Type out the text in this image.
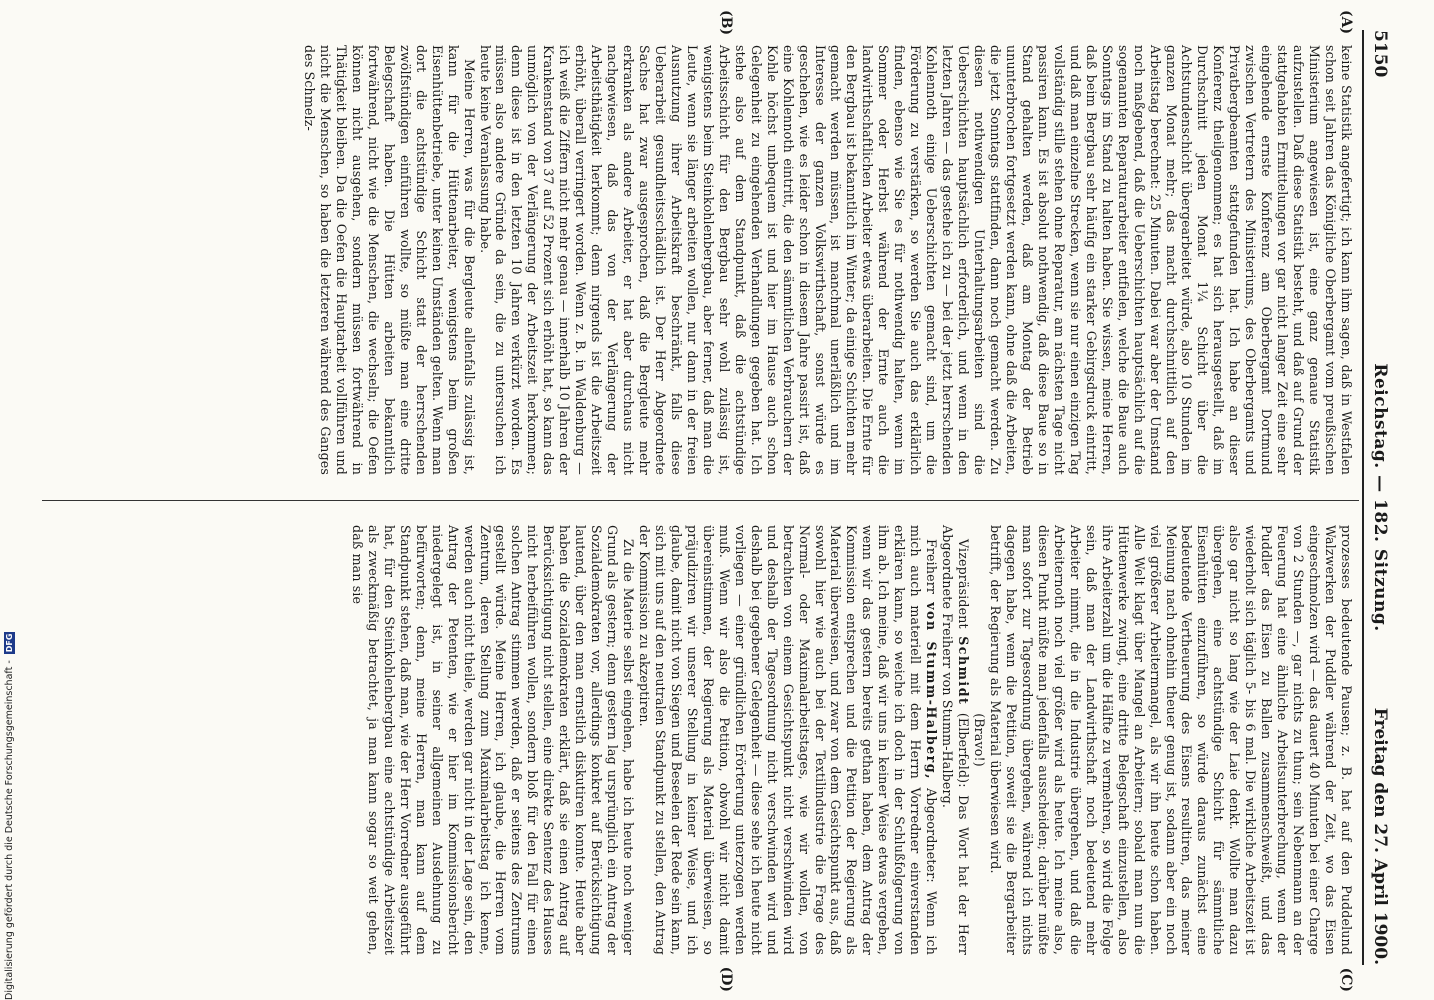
5150
Reichstag. — 182. Sitzung.
Freitag den 27. April 1900.
(A)
(B)
(C)
(D)

keine Statistik angefertigt; ich kann ihm sagen, daß in Westfalen schon seit Jahren das Königliche Oberbergamt vom preußischen Ministerium angewiesen ist, eine ganz genaue Statistik aufzustellen. Daß diese Statistik besteht, und daß auf Grund der stattgehabten Ermittelungen vor gar nicht langer Zeit eine sehr eingehende ernste Konferenz am Oberbergamt Dortmund zwischen Vertretern des Ministeriums, des Oberbergamts und Privatbergbeamten stattgefunden hat. Ich habe an dieser Konferenz theilgenommen; es hat sich herausgestellt, daß im Durchschnitt jeden Monat 1¼ Schicht über die Achtstundenschicht übergearbeitet würde, also 10 Stunden im ganzen Monat mehr; das macht durchschnittlich auf den Arbeitstag berechnet: 25 Minuten. Dabei war aber der Umstand noch maßgebend, daß die Ueberschichten hauptsächlich auf die sogenannten Reparaturarbeiter entfielen, welche die Baue auch Sonntags im Stand zu halten haben. Sie wissen, meine Herren, daß beim Bergbau sehr häufig ein starker Gebirgsdruck eintritt, und daß man einzelne Strecken, wenn sie nur einen einzigen Tag vollständig stille stehen ohne Reparatur, am nächsten Tage nicht passiren kann. Es ist absolut nothwendig, daß diese Baue so in Stand gehalten werden, daß am Montag der Betrieb ununterbrochen fortgesetzt werden kann, ohne daß die Arbeiten, die jetzt Sonntags stattfinden, dann noch gemacht werden. Zu diesen nothwendigen Unterhaltungsarbeiten sind die Ueberschichten hauptsächlich erforderlich, und wenn in den letzten Jahren — das gestehe ich zu — bei der jetzt herrschenden Kohlennoth einige Ueberschichten gemacht sind, um die Förderung zu verstärken, so werden Sie auch das erklärlich finden, ebenso wie Sie es für nothwendig halten, wenn im Sommer oder Herbst während der Ernte auch die landwirthschaftlichen Arbeiter etwas überarbeiten. Die Ernte für den Bergbau ist bekanntlich im Winter; da einige Schichten mehr gemacht werden müssen, ist manchmal unerläßlich und im Interesse der ganzen Volkswirthschaft, sonst würde es geschehen, wie es leider schon in diesem Jahre passirt ist, daß eine Kohlennoth eintritt, die den sämmtlichen Verbrauchern der Kohle höchst unbequem ist und hier im Hause auch schon Gelegenheit zu eingehenden Verhandlungen gegeben hat. Ich stehe also auf dem Standpunkt, daß die achtstündige Arbeitsschicht für den Bergbau sehr wohl zulässig ist, wenigstens beim Steinkohlenbergbau, aber ferner, daß man die Leute, wenn sie länger arbeiten wollen, nur dann in der freien Ausnutzung ihrer Arbeitskraft beschränkt, falls diese Ueberarbeit gesundheitsschädlich ist. Der Herr Abgeordnete Sachse hat zwar ausgesprochen, daß die Bergleute mehr erkranken als andere Arbeiter, er hat aber durchaus nicht nachgewiesen, daß das von der Verlängerung der Arbeitsthätigkeit herkommt; denn nirgends ist die Arbeitszeit erhöht, überall verringert worden. Wenn z. B. in Waldenburg — ich weiß die Ziffern nicht mehr genau — innerhalb 10 Jahren der Krankenstand von 37 auf 52 Prozent sich erhöht hat, so kann das unmöglich von der Verlängerung der Arbeitszeit herkommen; denn diese ist in den letzten 10 Jahren verkürzt worden. Es müssen also andere Gründe da sein, die zu untersuchen ich heute keine Veranlassung habe.

Meine Herren, was für die Bergleute allenfalls zulässig ist, kann für die Hüttenarbeiter, wenigstens beim großen Eisenhüttenbetriebe, unter keinen Umständen gelten. Wenn man dort die achtstündige Schicht statt der herrschenden zwölfstündigen einführen wollte, so müßte man eine dritte Belegschaft haben. Die Hütten arbeiten bekanntlich fortwährend, nicht wie die Menschen, die wechseln; die Oefen können nicht ausgehen, sondern müssen fortwährend in Thätigkeit bleiben. Da die Oefen die Hauptarbeit vollführen und nicht die Menschen, so haben die letzteren während des Ganges des Schmelz-

prozesses bedeutende Pausen; z. B. hat auf den Puddelund Walzwerken der Puddler während der Zeit, wo das Eisen eingeschmolzen wird — das dauert 40 Minuten bei einer Charge von 2 Stunden —, gar nichts zu thun; sein Nebenmann an der Feuerung hat eine ähnliche Arbeitsunterbrechung, wenn der Puddler das Eisen zu Ballen zusammenschweißt, und das wiederholt sich täglich 5- bis 6 mal. Die wirkliche Arbeitszeit ist also gar nicht so lang wie der Laie denkt. Wollte man dazu übergehen, eine achtstündige Schicht für sämmtliche Eisenhütten einzuführen, so würde daraus zunächst eine bedeutende Vertheuerung des Eisens resultiren, das meiner Meinung nach ohnehin theuer genug ist, sodann aber ein noch viel größerer Arbeitermangel, als wir ihn heute schon haben. Alle Welt klagt über Mangel an Arbeitern; sobald man nun die Hüttenwerke zwingt, eine dritte Belegschaft einzustellen, also ihre Arbeiterzahl um die Hälfte zu vermehren, so wird die Folge sein, daß man der Landwirthschaft noch bedeutend mehr Arbeiter nimmt, die in die Industrie übergehen, und daß die Arbeiternoth noch viel größer wird als heute. Ich meine also, diesen Punkt müßte man jedenfalls ausscheiden; darüber müßte man sofort zur Tagesordnung übergehen, während ich nichts dagegen habe, wenn die Petition, soweit sie die Bergarbeiter betrifft, der Regierung als Material überwiesen wird.

(Bravo!)

Vizepräsident Schmidt (Elberfeld): Das Wort hat der Herr Abgeordnete Freiherr von Stumm-Halberg.

Freiherr von Stumm-Halberg, Abgeordneter: Wenn ich mich auch materiell mit dem Herrn Vorredner einverstanden erklären kann, so weiche ich doch in der Schlußfolgerung von ihm ab. Ich meine, daß wir uns in keiner Weise etwas vergeben, wenn wir das gestern bereits gethan haben, dem Antrag der Kommission entsprechen und die Petition der Regierung als Material überweisen, und zwar von dem Gesichtspunkt aus, daß sowohl hier wie auch bei der Textilindustrie die Frage des Normal- oder Maximalarbeitstages, wie wir wollen, von betrachten von einem Gesichtspunkt nicht verschwinden wird und deshalb der Tagesordnung nicht verschwinden wird und deshalb bei gegebener Gelegenheit — diese sehe ich heute nicht vorliegen — einer gründlichen Erörterung unterzogen werden muß. Wenn wir also die Petition, obwohl wir nicht damit übereinstimmen, der Regierung als Material überweisen, so präjudiziren wir unserer Stellung in keiner Weise, und ich glaube, damit nicht von Siegen und Beseelen der Rede sein kann, sich mit uns auf den neutralen Standpunkt zu stellen, den Antrag der Kommission zu akzeptiren.

Zu die Materie selbst eingehen, habe ich heute noch weniger Grund als gestern; denn gestern lag ursprünglich ein Antrag der Sozialdemokraten vor, allerdings konkret auf Berücksichtigung lautend, über den man ernstlich diskutiren konnte. Heute aber haben die Sozialdemokraten erklärt, daß sie einen Antrag auf Berücksichtigung nicht stellen, eine direkte Sentenz des Hauses nicht herbeiführen wollen, sondern bloß für den Fall für einen solchen Antrag stimmen werden, daß er seitens des Zentrums gestellt würde. Meine Herren, ich glaube, die Herren vom Zentrum, deren Stellung zum Maximalarbeitstag ich kenne, werden auch nicht theile, werden gar nicht in der Lage sein, den Antrag der Petenten, wie er hier im Kommissionsbericht niedergelegt ist, in seiner allgemeinen Ausdehnung zu befürworten; denn, meine Herren, man kann auf dem Standpunkt stehen, daß man, wie der Herr Vorredner ausgeführt hat, für den Steinkohlenbergbau eine achtstündige Arbeitszeit als zweckmäßig betrachtet, ja man kann sogar so weit gehen, daß man sie

Digitalisierung gefördert durch die Deutsche Forschungsgemeinschaft -DFG
